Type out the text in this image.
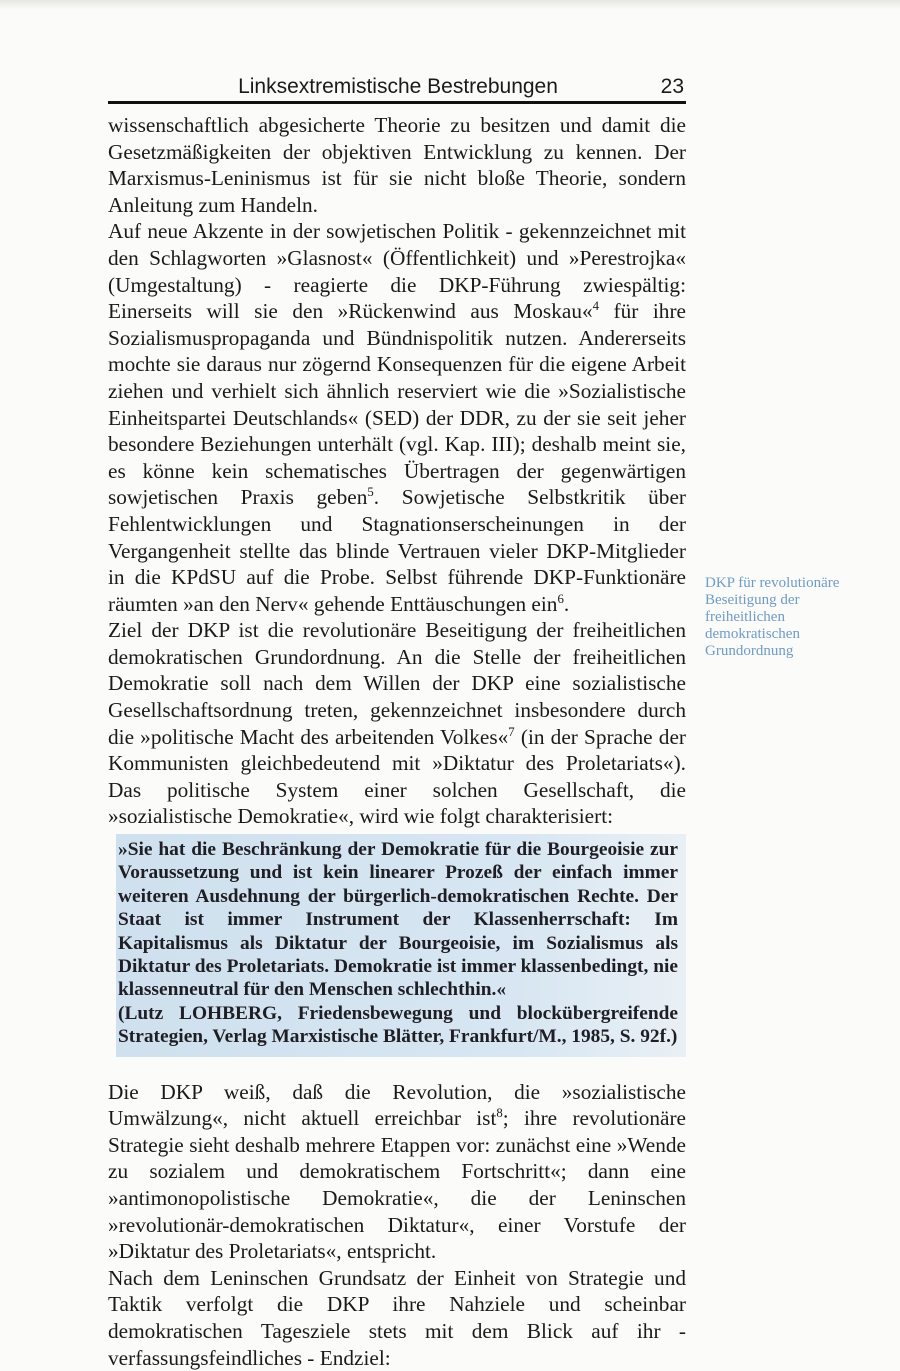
Linksextremistische Bestrebungen	23

wissenschaftlich abgesicherte Theorie zu besitzen und damit die Gesetzmäßigkeiten der objektiven Entwicklung zu kennen. Der Marxismus-Leninismus ist für sie nicht bloße Theorie, sondern Anleitung zum Handeln.

Auf neue Akzente in der sowjetischen Politik - gekennzeichnet mit den Schlagworten »Glasnost« (Öffentlichkeit) und »Perestrojka« (Umgestaltung) - reagierte die DKP-Führung zwiespältig: Einerseits will sie den »Rückenwind aus Moskau«$^4$ für ihre Sozialismuspropaganda und Bündnispolitik nutzen. Andererseits mochte sie daraus nur zögernd Konsequenzen für die eigene Arbeit ziehen und verhielt sich ähnlich reserviert wie die »Sozialistische Einheitspartei Deutschlands« (SED) der DDR, zu der sie seit jeher besondere Beziehungen unterhält (vgl. Kap. III); deshalb meint sie, es könne kein schematisches Übertragen der gegenwärtigen sowjetischen Praxis geben$^5$. Sowjetische Selbstkritik über Fehlentwicklungen und Stagnationserscheinungen in der Vergangenheit stellte das blinde Vertrauen vieler DKP-Mitglieder in die KPdSU auf die Probe. Selbst führende DKP-Funktionäre räumten »an den Nerv« gehende Enttäuschungen ein$^6$.

Ziel der DKP ist die revolutionäre Beseitigung der freiheitlichen demokratischen Grundordnung. An die Stelle der freiheitlichen Demokratie soll nach dem Willen der DKP eine sozialistische Gesellschaftsordnung treten, gekennzeichnet insbesondere durch die »politische Macht des arbeitenden Volkes«$^7$ (in der Sprache der Kommunisten gleichbedeutend mit »Diktatur des Proletariats«). Das politische System einer solchen Gesellschaft, die »sozialistische Demokratie«, wird wie folgt charakterisiert:

»Sie hat die Beschränkung der Demokratie für die Bourgeoisie zur Voraussetzung und ist kein linearer Prozeß der einfach immer weiteren Ausdehnung der bürgerlich-demokratischen Rechte. Der Staat ist immer Instrument der Klassenherrschaft: Im Kapitalismus als Diktatur der Bourgeoisie, im Sozialismus als Diktatur des Proletariats. Demokratie ist immer klassenbedingt, nie klassenneutral für den Menschen schlechthin.«

(Lutz LOHBERG, Friedensbewegung und blockübergreifende Strategien, Verlag Marxistische Blätter, Frankfurt/M., 1985, S. 92f.)

Die DKP weiß, daß die Revolution, die »sozialistische Umwälzung«, nicht aktuell erreichbar ist$^8$; ihre revolutionäre Strategie sieht deshalb mehrere Etappen vor: zunächst eine »Wende zu sozialem und demokratischem Fortschritt«; dann eine »antimonopolistische Demokratie«, die der Leninschen »revolutionär-demokratischen Diktatur«, einer Vorstufe der »Diktatur des Proletariats«, entspricht.

Nach dem Leninschen Grundsatz der Einheit von Strategie und Taktik verfolgt die DKP ihre Nahziele und scheinbar demokratischen Tagesziele stets mit dem Blick auf ihr - verfassungsfeindliches - Endziel:

DKP für revolutionäre Beseitigung der freiheitlichen demokratischen Grundordnung
